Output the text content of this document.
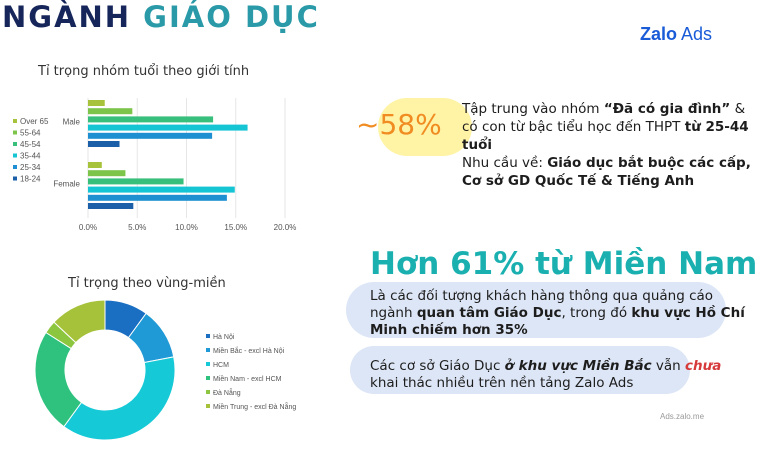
NGÀNH GIÁO DỤC	Zalo Ads
Tỉ trọng nhóm tuổi theo giới tính
Over 65
55-64
45-54
35-44
25-34
18-24
Male
Female
0.0%	5.0%	10.0%	15.0%	20.0%
Tỉ trọng theo vùng-miền
Hà Nội
Miền Bắc - excl Hà Nội
HCM
Miền Nam - excl HCM
Đà Nẵng
Miền Trung - excl Đà Nẵng
~58% Tập trung vào nhóm “Đã có gia đình” & có con từ bậc tiểu học đến THPT từ 25-44 tuổi
Nhu cầu về: Giáo dục bắt buộc các cấp, Cơ sở GD Quốc Tế & Tiếng Anh
Hơn 61% từ Miền Nam
Là các đối tượng khách hàng thông qua quảng cáo ngành quan tâm Giáo Dục, trong đó khu vực Hồ Chí Minh chiếm hơn 35%
Các cơ sở Giáo Dục ở khu vực Miền Bắc vẫn chưa khai thác nhiều trên nền tảng Zalo Ads
Ads.zalo.me
